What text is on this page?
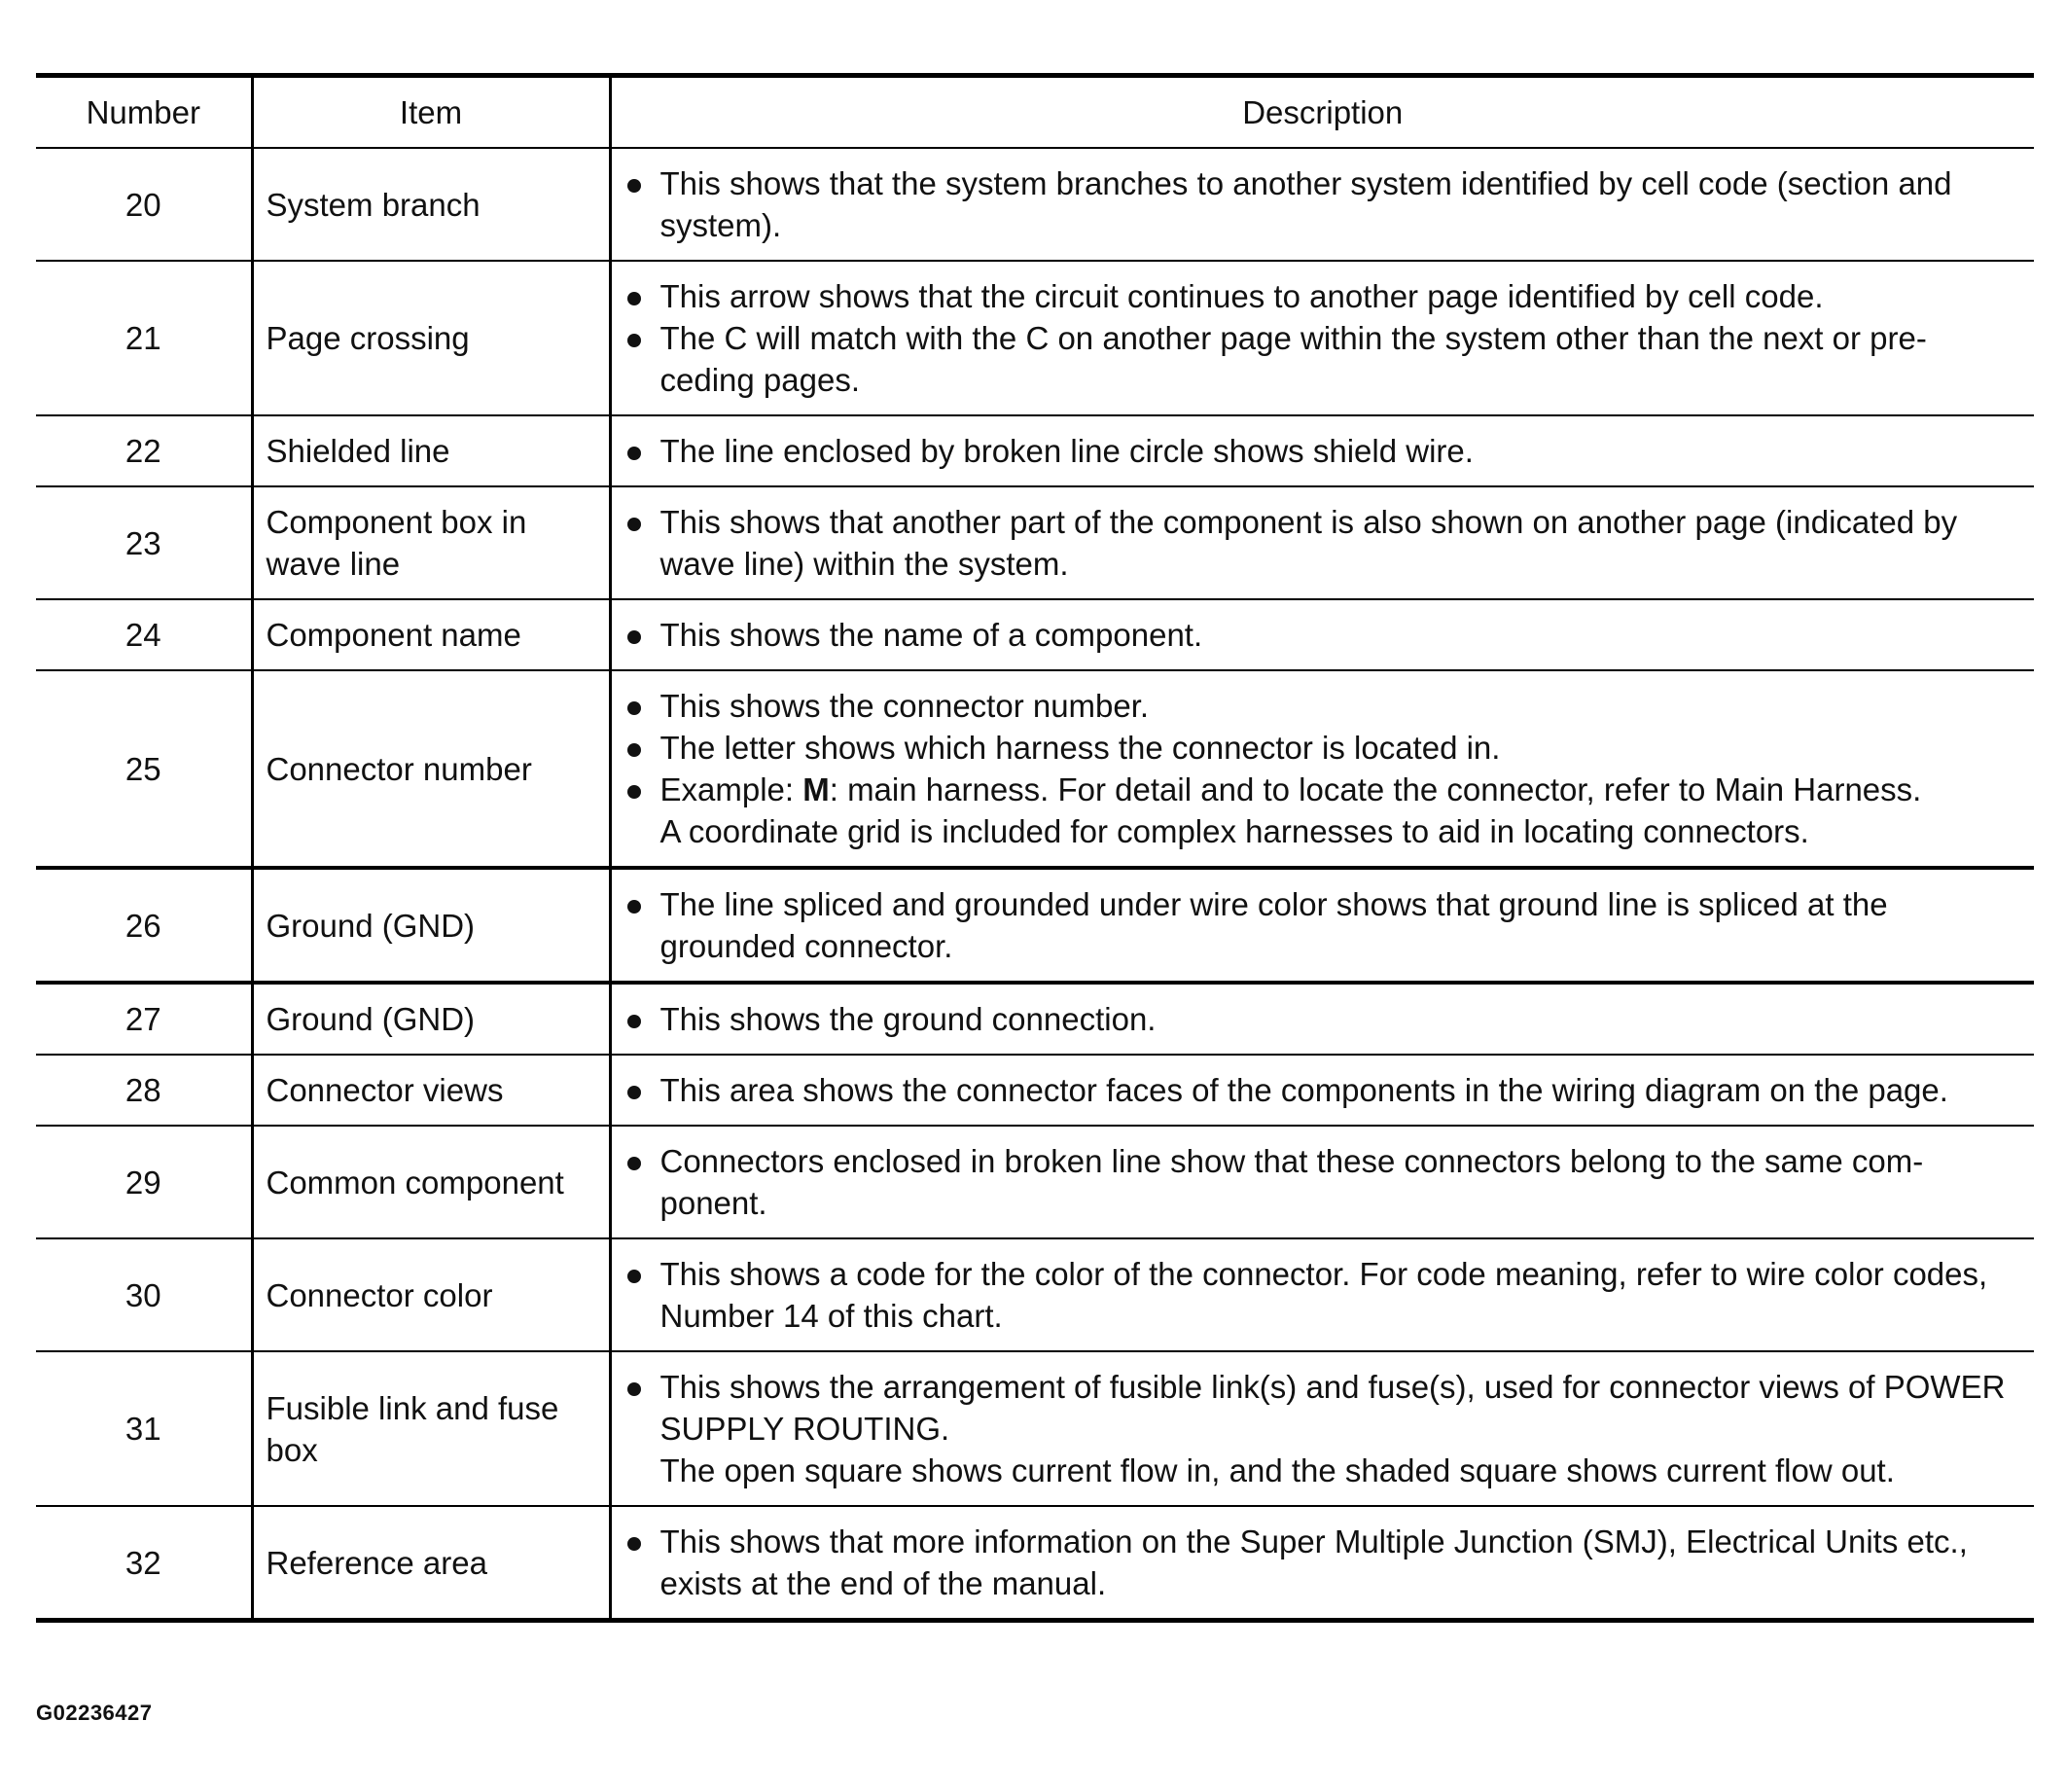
Number	Item	Description
20	System branch	This shows that the system branches to another system identified by cell code (section and system).

21	Page crossing	This arrow shows that the circuit continues to another page identified by cell code.
The C will match with the C on another page within the system other than the next or pre-ceding pages.

22	Shielded line	The line enclosed by broken line circle shows shield wire.

23	Component box in wave line	This shows that another part of the component is also shown on another page (indicated by wave line) within the system.

24	Component name	This shows the name of a component.

25	Connector number	This shows the connector number.
The letter shows which harness the connector is located in.
Example: M: main harness. For detail and to locate the connector, refer to Main Harness.
A coordinate grid is included for complex harnesses to aid in locating connectors.

26	Ground (GND)	The line spliced and grounded under wire color shows that ground line is spliced at the grounded connector.

27	Ground (GND)	This shows the ground connection.

28	Connector views	This area shows the connector faces of the components in the wiring diagram on the page.

29	Common component	Connectors enclosed in broken line show that these connectors belong to the same com-ponent.

30	Connector color	This shows a code for the color of the connector. For code meaning, refer to wire color codes, Number 14 of this chart.

31	Fusible link and fuse box	This shows the arrangement of fusible link(s) and fuse(s), used for connector views of POWER SUPPLY ROUTING.
The open square shows current flow in, and the shaded square shows current flow out.

32	Reference area	This shows that more information on the Super Multiple Junction (SMJ), Electrical Units etc., exists at the end of the manual.
G02236427
